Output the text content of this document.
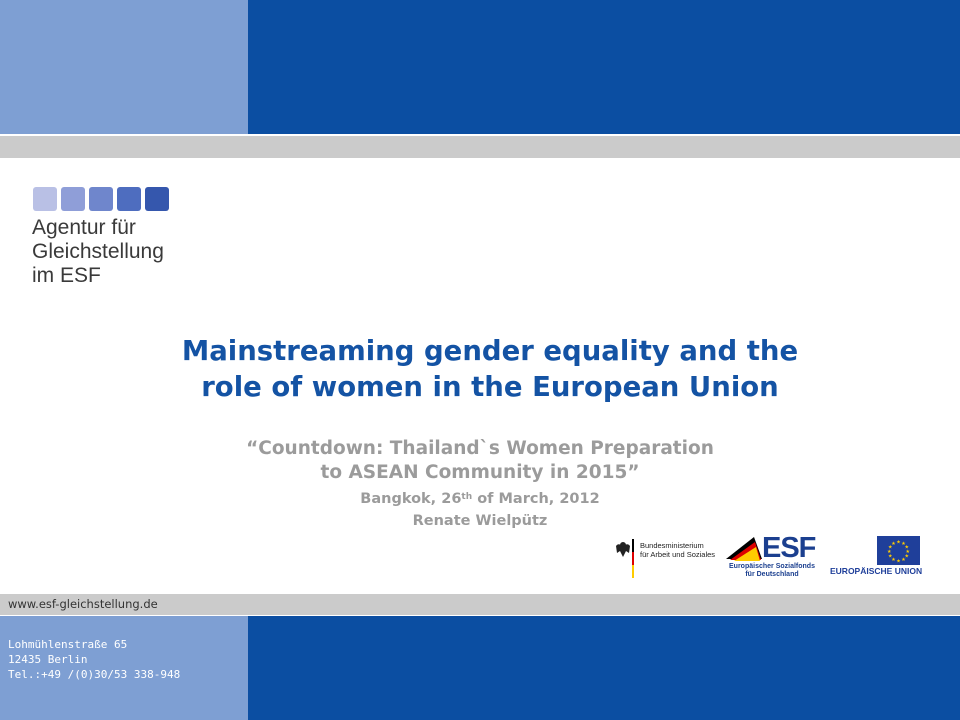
Agentur für
Gleichstellung
im ESF
Mainstreaming gender equality and the
role of women in the European Union
“Countdown: Thailand`s Women Preparation
to ASEAN Community in 2015”
Bangkok, 26th of March, 2012
Renate Wielpütz
Bundesministerium
für Arbeit und Soziales ESF
Europäischer Sozialfonds
für Deutschland
★ ★
★
★
★
★
★
★
★
★
★
★
EUROPÄISCHE UNION
www.esf-gleichstellung.de
Lohmühlenstraße 65
12435 Berlin
Tel.:+49 /(0)30/53 338-948
